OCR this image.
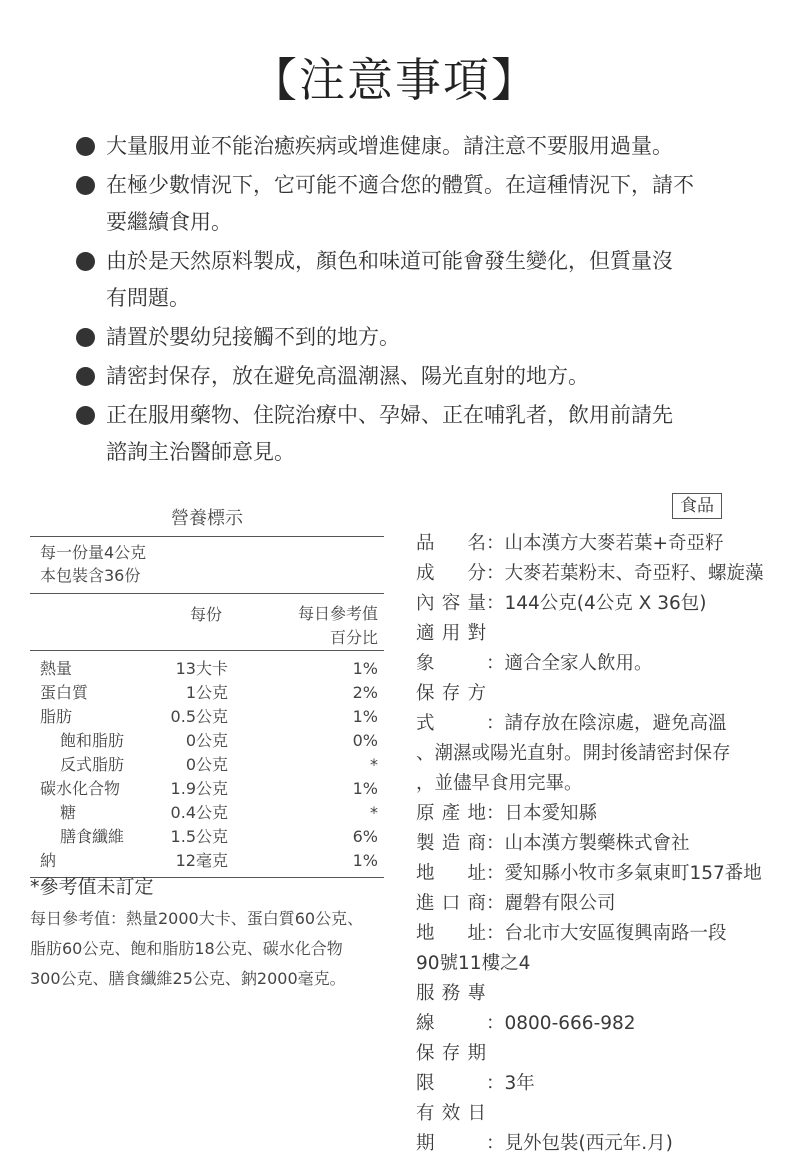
【注意事項】
大量服用並不能治癒疾病或增進健康。請注意不要服用過量。
在極少數情況下，它可能不適合您的體質。在這種情況下，請不
要繼續食用。
由於是天然原料製成，顏色和味道可能會發生變化，但質量沒
有問題。
請置於嬰幼兒接觸不到的地方。
請密封保存，放在避免高溫潮濕、陽光直射的地方。
正在服用藥物、住院治療中、孕婦、正在哺乳者，飲用前請先
諮詢主治醫師意見。
營養標示
每一份量4公克
本包裝含36份
每份	每日參考值
百分比
熱量	13大卡	1%
蛋白質	1公克	2%
脂肪	0.5公克	1%
飽和脂肪	0公克	0%
反式脂肪	0公克	*
碳水化合物	1.9公克	1%
糖	0.4公克	*
膳食纖維	1.5公克	6%
納	12毫克	1%
*參考值未訂定
每日參考值：熱量2000大卡、蛋白質60公克、
脂肪60公克、飽和脂肪18公克、碳水化合物
300公克、膳食纖維25公克、鈉2000毫克。
食品
品名：山本漢方大麥若葉+奇亞籽
成分：大麥若葉粉末、奇亞籽、螺旋藻
內容量：144公克(4公克 X 36包)
適用對象	：適合全家人飲用。
保存方式	：請存放在陰涼處，避免高溫
、潮濕或陽光直射。開封後請密封保存
，並儘早食用完畢。
原產地：日本愛知縣
製造商：山本漢方製藥株式會社
地址：愛知縣小牧市多氣東町157番地
進口商：麗磐有限公司
地址：台北市大安區復興南路一段
90號11樓之4
服務專線	：0800-666-982
保存期限	：3年
有效日期	：見外包裝(西元年.月)
